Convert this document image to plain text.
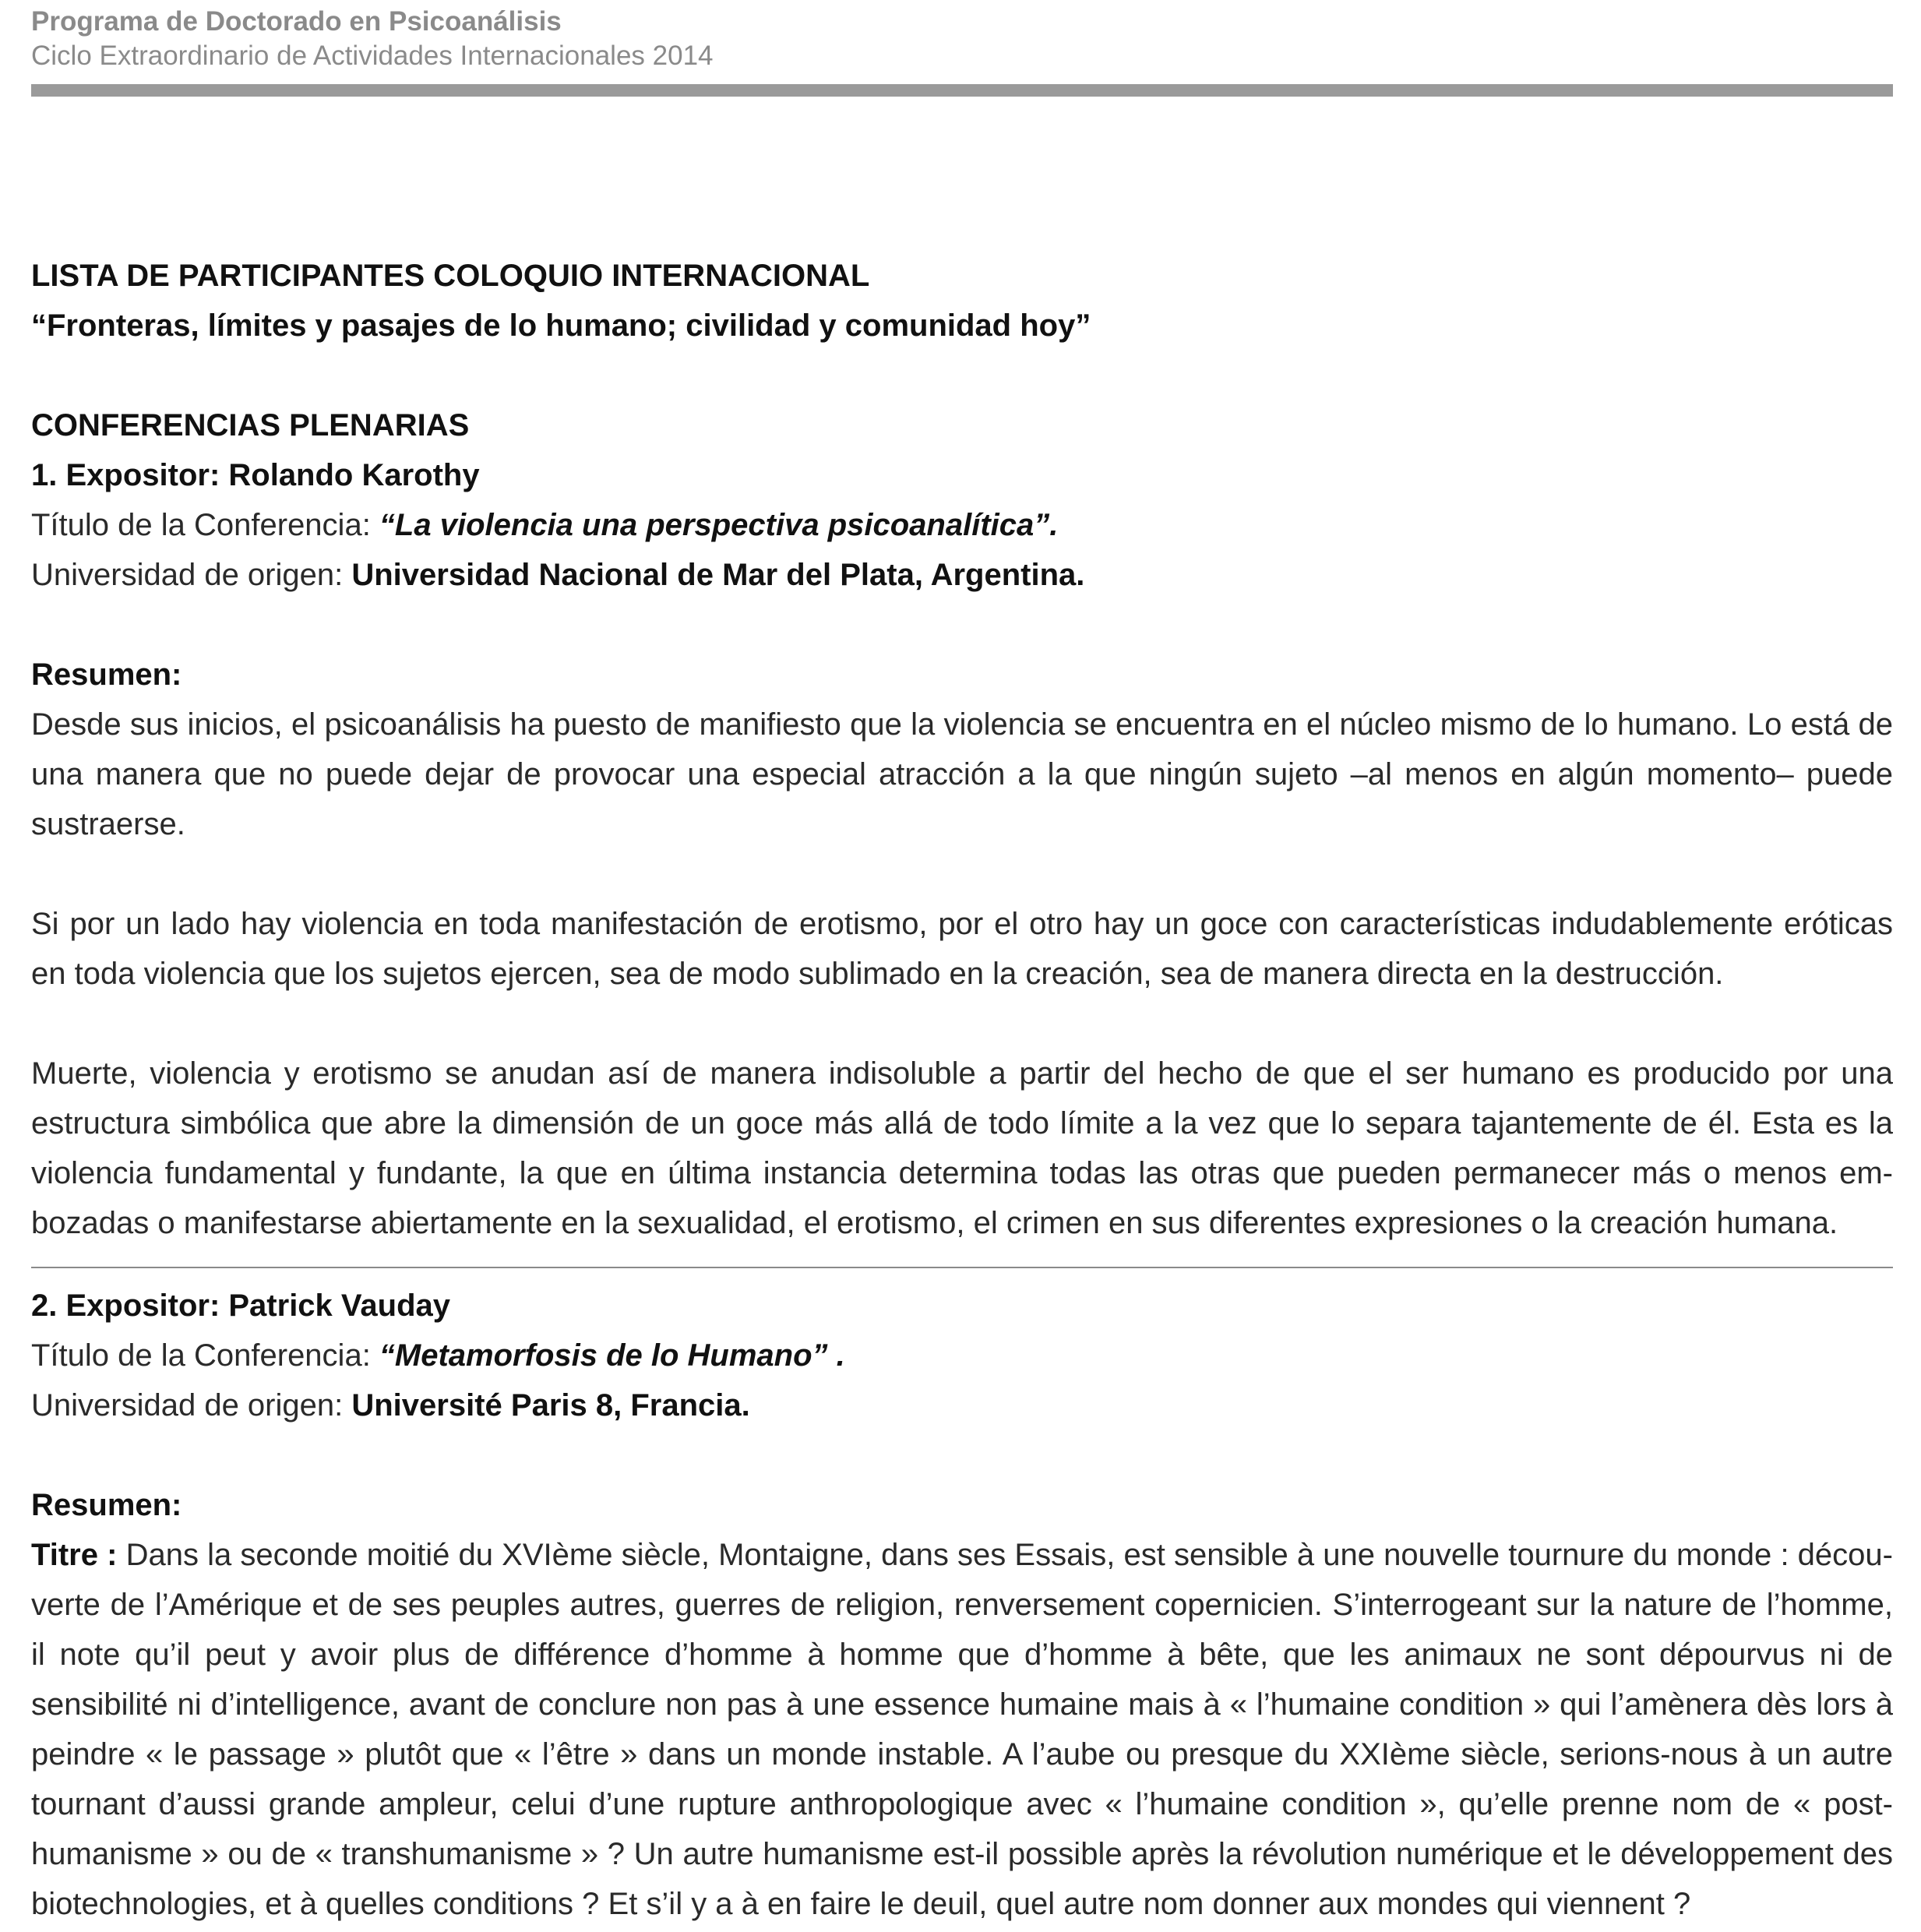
Programa de Doctorado en Psicoanálisis

Ciclo Extraordinario de Actividades Internacionales 2014

LISTA DE PARTICIPANTES COLOQUIO INTERNACIONAL

“Fronteras, límites y pasajes de lo humano; civilidad y comunidad hoy”

CONFERENCIAS PLENARIAS

1. Expositor: Rolando Karothy

Título de la Conferencia: “La violencia una perspectiva psicoanalítica”.

Universidad de origen: Universidad Nacional de Mar del Plata, Argentina.

Resumen:

Desde sus inicios, el psicoanálisis ha puesto de manifiesto que la violencia se encuentra en el núcleo mismo de lo humano. Lo está de una manera que no puede dejar de provocar una especial atracción a la que ningún sujeto –al menos en algún momento– puede sustraerse.

Si por un lado hay violencia en toda manifestación de erotismo, por el otro hay un goce con características indudablemente eróticas en toda violencia que los sujetos ejercen, sea de modo sublimado en la creación, sea de manera directa en la destrucción.

Muerte, violencia y erotismo se anudan así de manera indisoluble a partir del hecho de que el ser humano es producido por una estructura simbólica que abre la dimensión de un goce más allá de todo límite a la vez que lo separa tajantemente de él. Esta es la violencia fundamental y fundante, la que en última instancia determina todas las otras que pueden permanecer más o menos em-bozadas o manifestarse abiertamente en la sexualidad, el erotismo, el crimen en sus diferentes expresiones o la creación humana.

2. Expositor: Patrick Vauday

Título de la Conferencia: “Metamorfosis de lo Humano” .

Universidad de origen: Université Paris 8, Francia.

Resumen:

Titre : Dans la seconde moitié du XVIème siècle, Montaigne, dans ses Essais, est sensible à une nouvelle tournure du monde : décou-verte de l’Amérique et de ses peuples autres, guerres de religion, renversement copernicien. S’interrogeant sur la nature de l’homme, il note qu’il peut y avoir plus de différence d’homme à homme que d’homme à bête, que les animaux ne sont dépourvus ni de sensibilité ni d’intelligence, avant de conclure non pas à une essence humaine mais à « l’humaine condition » qui l’amènera dès lors à peindre « le passage » plutôt que « l’être » dans un monde instable. A l’aube ou presque du XXIème siècle, serions-nous à un autre tournant d’aussi grande ampleur, celui d’une rupture anthropologique avec « l’humaine condition », qu’elle prenne nom de « post-humanisme » ou de « transhumanisme » ? Un autre humanisme est-il possible après la révolution numérique et le développement des biotechnologies, et à quelles conditions ? Et s’il y a à en faire le deuil, quel autre nom donner aux mondes qui viennent ?
